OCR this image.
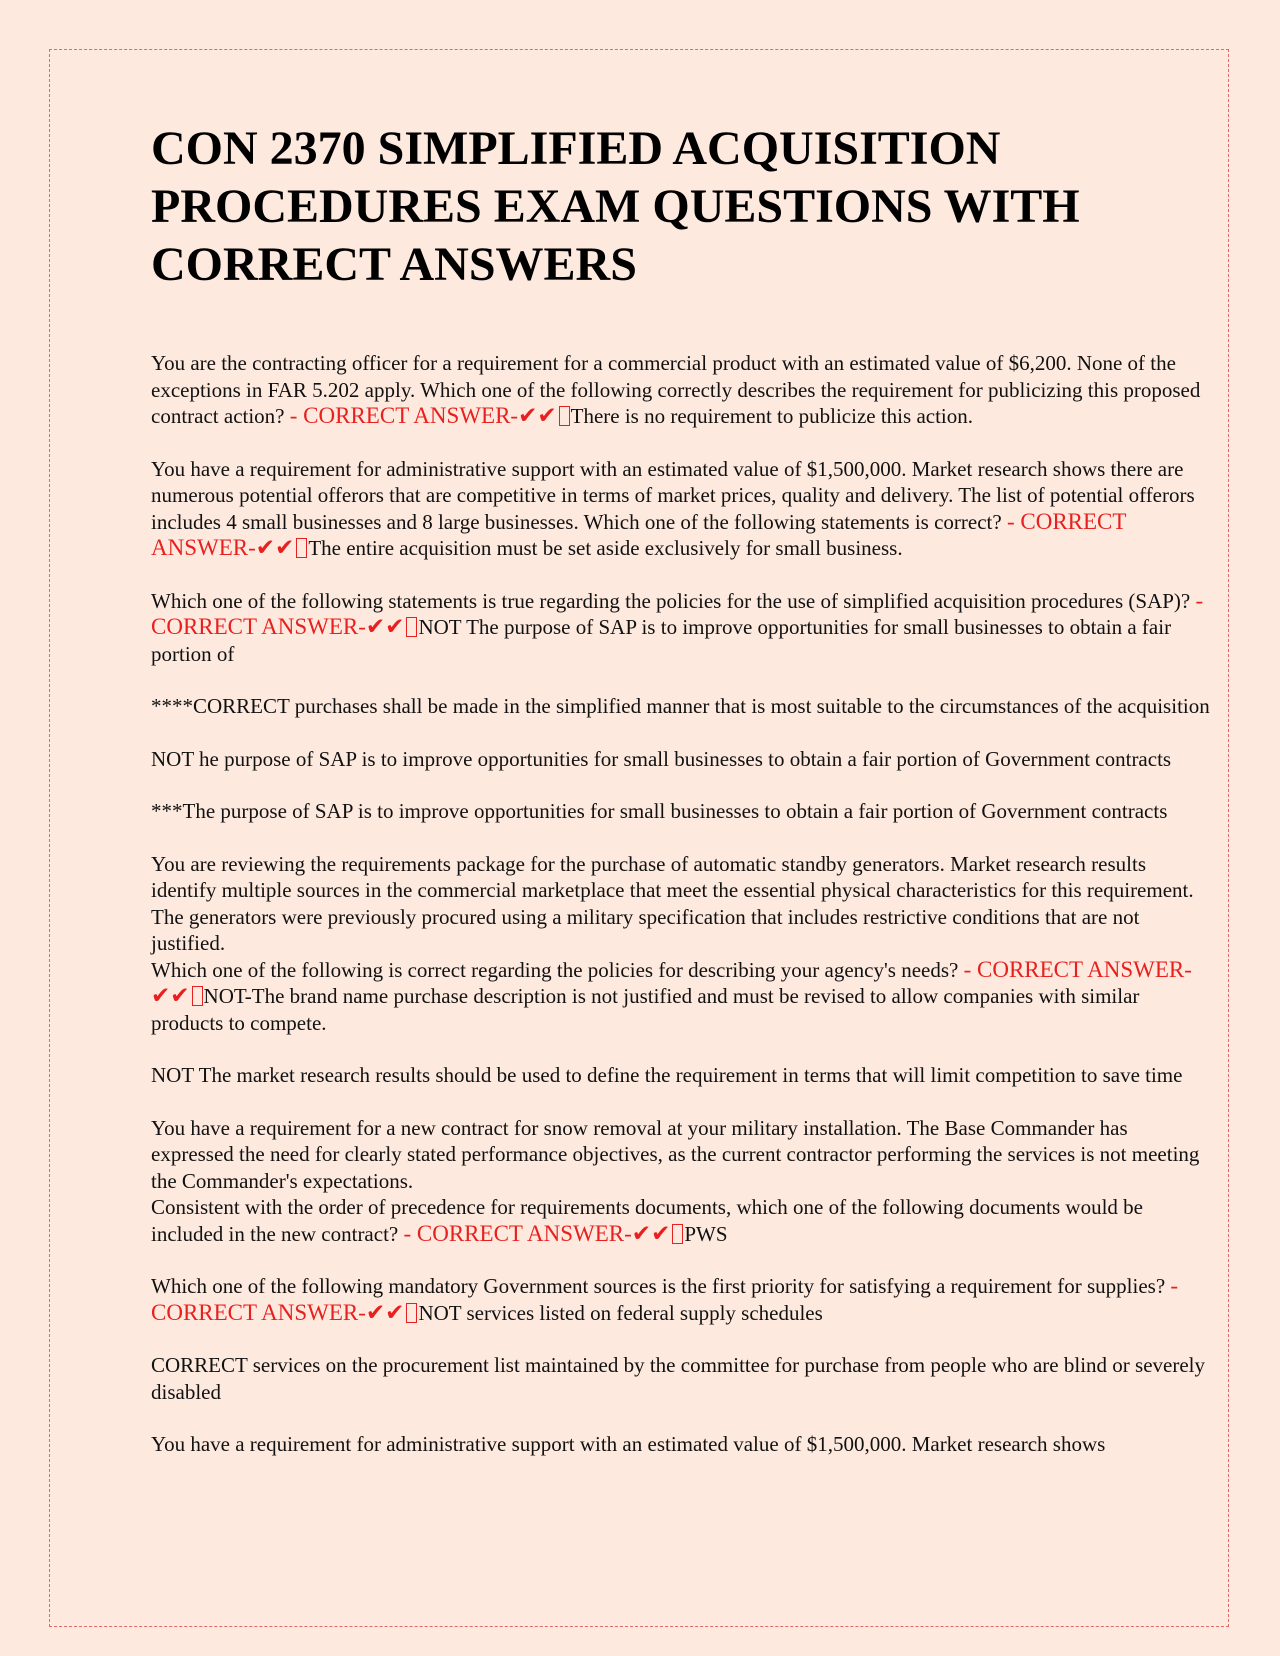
CON 2370 SIMPLIFIED ACQUISITION PROCEDURES EXAM QUESTIONS WITH CORRECT ANSWERS
You are the contracting officer for a requirement for a commercial product with an estimated value of $6,200. None of the exceptions in FAR 5.202 apply. Which one of the following correctly describes the requirement for publicizing this proposed contract action? - CORRECT ANSWER-✔✔ There is no requirement to publicize this action.
You have a requirement for administrative support with an estimated value of $1,500,000. Market research shows there are numerous potential offerors that are competitive in terms of market prices, quality and delivery. The list of potential offerors includes 4 small businesses and 8 large businesses. Which one of the following statements is correct? - CORRECT ANSWER-✔✔ The entire acquisition must be set aside exclusively for small business.
Which one of the following statements is true regarding the policies for the use of simplified acquisition procedures (SAP)? - CORRECT ANSWER-✔✔ NOT The purpose of SAP is to improve opportunities for small businesses to obtain a fair portion of
****CORRECT purchases shall be made in the simplified manner that is most suitable to the circumstances of the acquisition
NOT he purpose of SAP is to improve opportunities for small businesses to obtain a fair portion of Government contracts
***The purpose of SAP is to improve opportunities for small businesses to obtain a fair portion of Government contracts
You are reviewing the requirements package for the purchase of automatic standby generators. Market research results identify multiple sources in the commercial marketplace that meet the essential physical characteristics for this requirement. The generators were previously procured using a military specification that includes restrictive conditions that are not justified.
Which one of the following is correct regarding the policies for describing your agency's needs? - CORRECT ANSWER-✔✔ NOT-The brand name purchase description is not justified and must be revised to allow companies with similar products to compete.
NOT The market research results should be used to define the requirement in terms that will limit competition to save time
You have a requirement for a new contract for snow removal at your military installation. The Base Commander has expressed the need for clearly stated performance objectives, as the current contractor performing the services is not meeting the Commander's expectations.
Consistent with the order of precedence for requirements documents, which one of the following documents would be included in the new contract? - CORRECT ANSWER-✔✔ PWS
Which one of the following mandatory Government sources is the first priority for satisfying a requirement for supplies? - CORRECT ANSWER-✔✔ NOT services listed on federal supply schedules
CORRECT services on the procurement list maintained by the committee for purchase from people who are blind or severely disabled
You have a requirement for administrative support with an estimated value of $1,500,000. Market research shows
